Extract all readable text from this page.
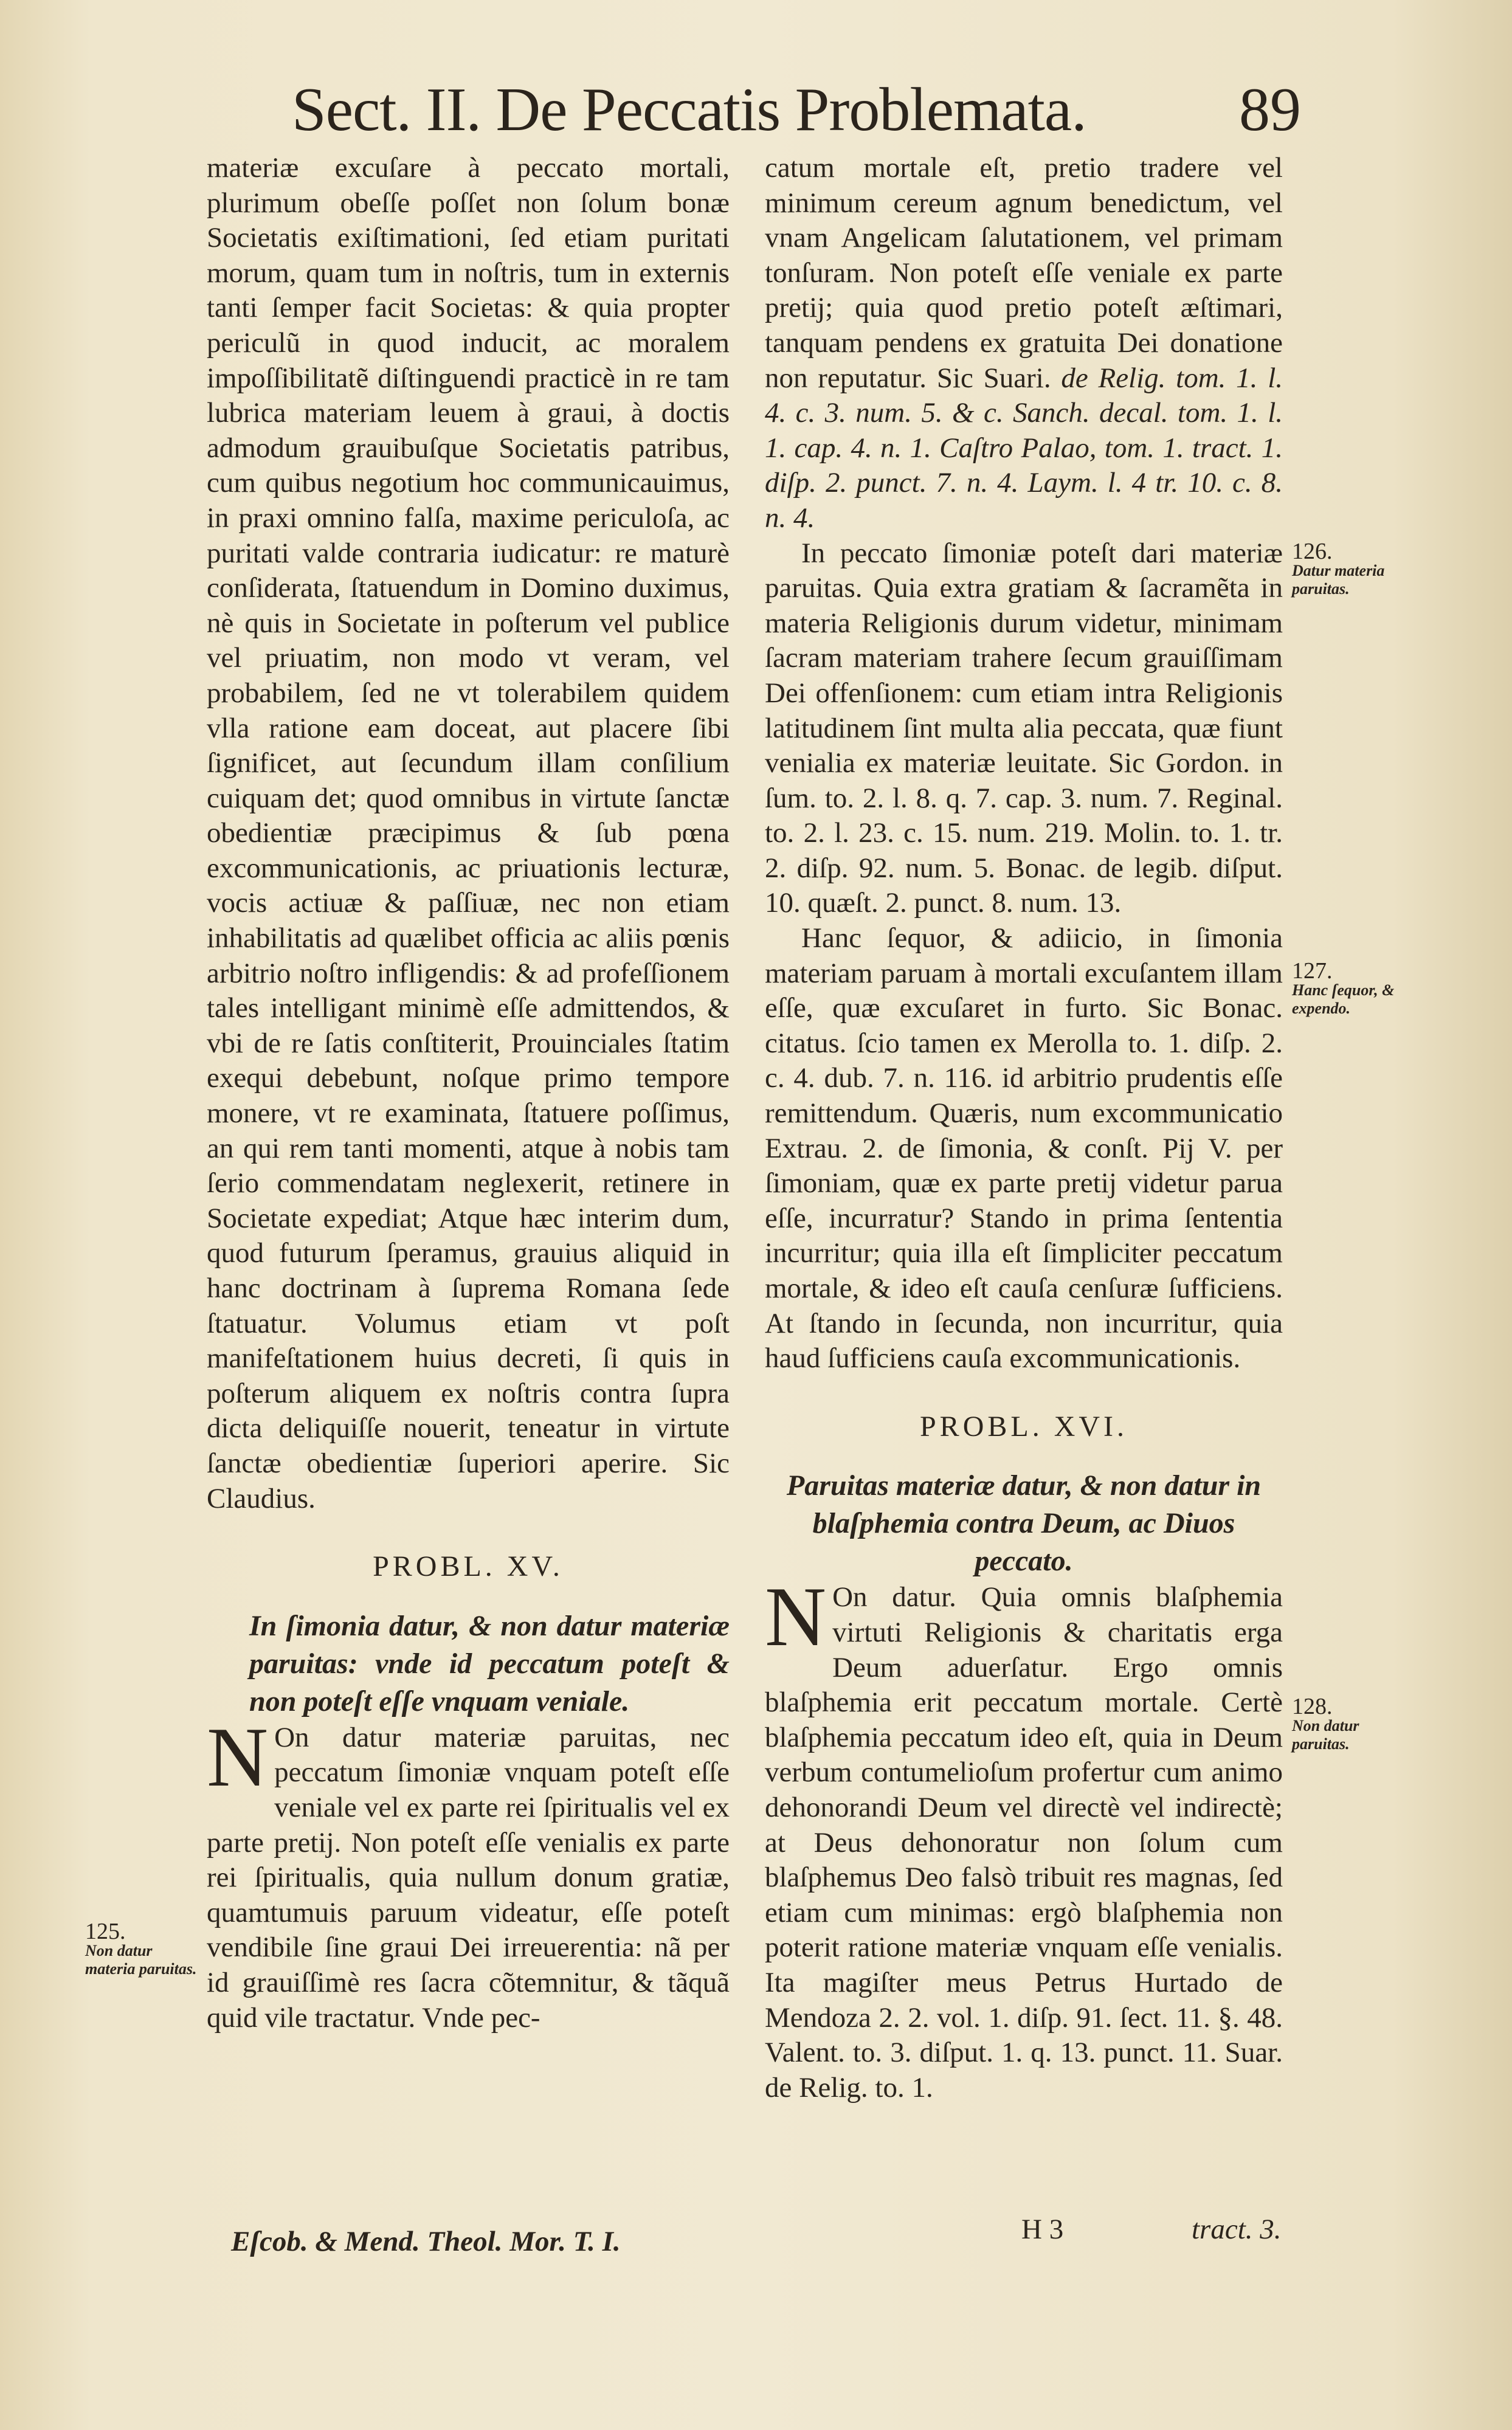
Sect. II. De Peccatis Problemata. 89

materiæ excuſare à peccato mortali, plurimum obeſſe poſſet non ſolum bonæ Societatis exiſtimationi, ſed etiam puritati morum, quam tum in noſtris, tum in externis tanti ſemper facit Societas: & quia propter periculũ in quod inducit, ac moralem impoſſibilitatẽ diſtinguendi practicè in re tam lubrica materiam leuem à graui, à doctis admodum grauibuſque Societatis patribus, cum quibus negotium hoc communicauimus, in praxi omnino falſa, maxime periculoſa, ac puritati valde contraria iudicatur: re maturè conſiderata, ſtatuendum in Domino duximus, nè quis in Societate in poſterum vel publice vel priuatim, non modo vt veram, vel probabilem, ſed ne vt tolerabilem quidem vlla ratione eam doceat, aut placere ſibi ſignificet, aut ſecundum illam conſilium cuiquam det; quod omnibus in virtute ſanctæ obedientiæ præcipimus & ſub pœna excommunicationis, ac priuationis lecturæ, vocis actiuæ & paſſiuæ, nec non etiam inhabilitatis ad quælibet officia ac aliis pœnis arbitrio noſtro infligendis: & ad profeſſionem tales intelligant minimè eſſe admittendos, & vbi de re ſatis conſtiterit, Prouinciales ſtatim exequi debebunt, noſque primo tempore monere, vt re examinata, ſtatuere poſſimus, an qui rem tanti momenti, atque à nobis tam ſerio commendatam neglexerit, retinere in Societate expediat; Atque hæc interim dum, quod futurum ſperamus, grauius aliquid in hanc doctrinam à ſuprema Romana ſede ſtatuatur. Volumus etiam vt poſt manifeſtationem huius decreti, ſi quis in poſterum aliquem ex noſtris contra ſupra dicta deliquiſſe nouerit, teneatur in virtute ſanctæ obedientiæ ſuperiori aperire. Sic Claudius.

PROBL. XV.

In ſimonia datur, & non datur materiæ paruitas: vnde id peccatum poteſt & non poteſt eſſe vnquam veniale.

N On datur materiæ paruitas, nec peccatum ſimoniæ vnquam poteſt eſſe veniale vel ex parte rei ſpiritualis vel ex parte pretij. Non poteſt eſſe venialis ex parte rei ſpiritualis, quia nullum donum gratiæ, quamtumuis paruum videatur, eſſe poteſt vendibile ſine graui Dei irreuerentia: nã per id grauiſſimè res ſacra cõtemnitur, & tãquã quid vile tractatur. Vnde pec-

catum mortale eſt, pretio tradere vel minimum cereum agnum benedictum, vel vnam Angelicam ſalutationem, vel primam tonſuram. Non poteſt eſſe veniale ex parte pretij; quia quod pretio poteſt æſtimari, tanquam pendens ex gratuita Dei donatione non reputatur. Sic Suari. de Relig. tom. 1. l. 4. c. 3. num. 5. & c. Sanch. decal. tom. 1. l. 1. cap. 4. n. 1. Caſtro Palao, tom. 1. tract. 1. diſp. 2. punct. 7. n. 4. Laym. l. 4 tr. 10. c. 8. n. 4.

In peccato ſimoniæ poteſt dari materiæ paruitas. Quia extra gratiam & ſacramẽta in materia Religionis durum videtur, minimam ſacram materiam trahere ſecum grauiſſimam Dei offenſionem: cum etiam intra Religionis latitudinem ſint multa alia peccata, quæ fiunt venialia ex materiæ leuitate. Sic Gordon. in ſum. to. 2. l. 8. q. 7. cap. 3. num. 7. Reginal. to. 2. l. 23. c. 15. num. 219. Molin. to. 1. tr. 2. diſp. 92. num. 5. Bonac. de legib. diſput. 10. quæſt. 2. punct. 8. num. 13.

Hanc ſequor, & adiicio, in ſimonia materiam paruam à mortali excuſantem illam eſſe, quæ excuſaret in furto. Sic Bonac. citatus. ſcio tamen ex Merolla to. 1. diſp. 2. c. 4. dub. 7. n. 116. id arbitrio prudentis eſſe remittendum. Quæris, num excommunicatio Extrau. 2. de ſimonia, & conſt. Pij V. per ſimoniam, quæ ex parte pretij videtur parua eſſe, incurratur? Stando in prima ſententia incurritur; quia illa eſt ſimpliciter peccatum mortale, & ideo eſt cauſa cenſuræ ſufficiens. At ſtando in ſecunda, non incurritur, quia haud ſufficiens cauſa excommunicationis.

PROBL. XVI.

Paruitas materiæ datur, & non datur in blaſphemia contra Deum, ac Diuos peccato.

N On datur. Quia omnis blaſphemia virtuti Religionis & charitatis erga Deum aduerſatur. Ergo omnis blaſphemia erit peccatum mortale. Certè blaſphemia peccatum ideo eſt, quia in Deum verbum contumelioſum profertur cum animo dehonorandi Deum vel directè vel indirectè; at Deus dehonoratur non ſolum cum blaſphemus Deo falsò tribuit res magnas, ſed etiam cum minimas: ergò blaſphemia non poterit ratione materiæ vnquam eſſe venialis. Ita magiſter meus Petrus Hurtado de Mendoza 2. 2. vol. 1. diſp. 91. ſect. 11. §. 48. Valent. to. 3. diſput. 1. q. 13. punct. 11. Suar. de Relig. to. 1.

125.
Non datur materia paruitas.
126.
Datur materia paruitas.
127.
Hanc ſequor, & expendo.
128.
Non datur paruitas.
Eſcob. & Mend. Theol. Mor. T. I.	H 3	tract. 3.
